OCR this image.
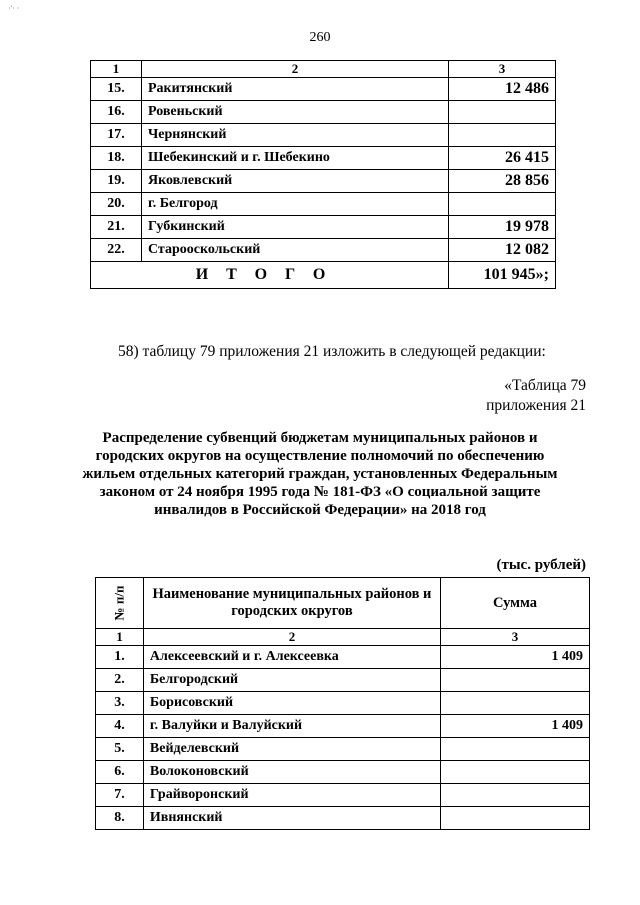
·'· ·
260
1	2	3
15.	Ракитянский	12 486
16.	Ровеньский	
17.	Чернянский	
18.	Шебекинский и г. Шебекино	26 415
19.	Яковлевский	28 856
20.	г. Белгород	
21.	Губкинский	19 978
22.	Старооскольский	12 082
ИТОГО		101 945»;
58) таблицу 79 приложения 21 изложить в следующей редакции:
«Таблица 79
приложения 21
Распределение субвенций бюджетам муниципальных районов и городских округов на осуществление полномочий по обеспечению жильем отдельных категорий граждан, установленных Федеральным законом от 24 ноября 1995 года № 181-ФЗ «О социальной защите инвалидов в Российской Федерации» на 2018 год
(тыс. рублей)
№ п/п	Наименование муниципальных районов и городских округов	Сумма
1	2	3
1.	Алексеевский и г. Алексеевка	1 409
2.	Белгородский	
3.	Борисовский	
4.	г. Валуйки и Валуйский	1 409
5.	Вейделевский	
6.	Волоконовский	
7.	Грайворонский	
8.	Ивнянский	
